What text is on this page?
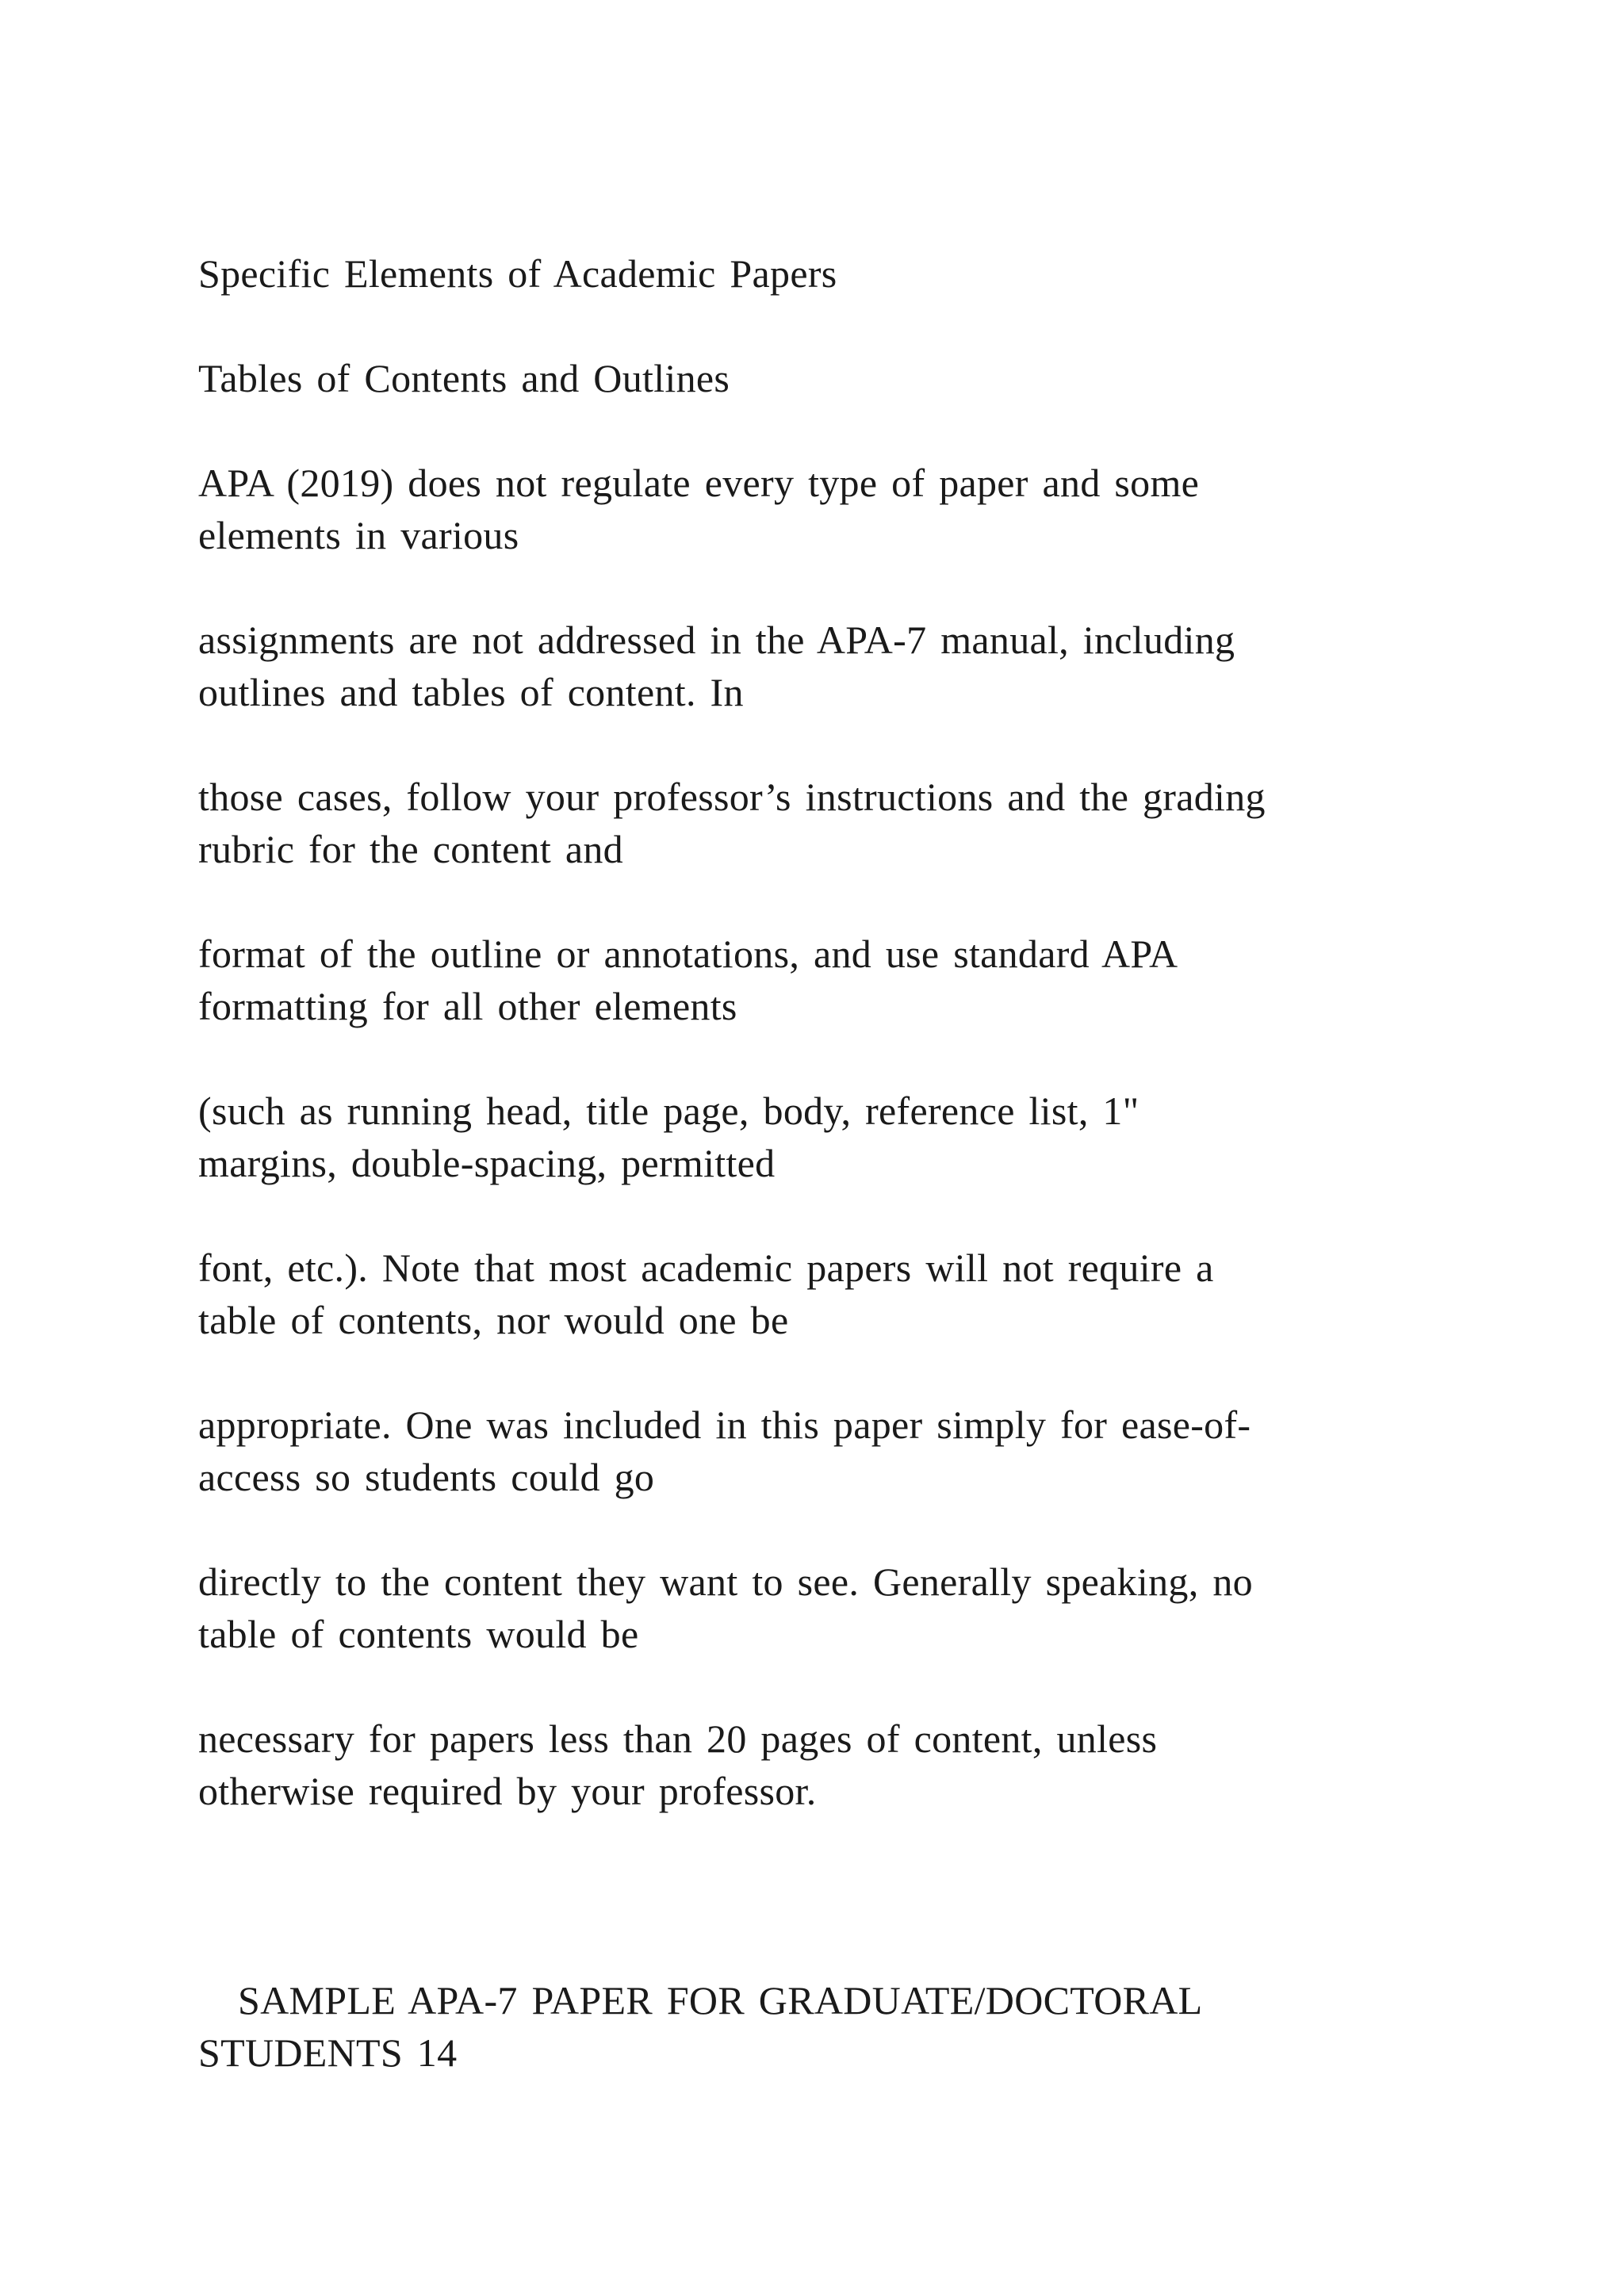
Specific Elements of Academic Papers

Tables of Contents and Outlines

APA (2019) does not regulate every type of paper and some
elements in various

assignments are not addressed in the APA-7 manual, including
outlines and tables of content. In

those cases, follow your professor’s instructions and the grading
rubric for the content and

format of the outline or annotations, and use standard APA
formatting for all other elements

(such as running head, title page, body, reference list, 1"
margins, double-spacing, permitted

font, etc.). Note that most academic papers will not require a
table of contents, nor would one be

appropriate. One was included in this paper simply for ease-of-
access so students could go

directly to the content they want to see. Generally speaking, no
table of contents would be

necessary for papers less than 20 pages of content, unless
otherwise required by your professor.

SAMPLE APA-7 PAPER FOR GRADUATE/DOCTORAL
STUDENTS 14
